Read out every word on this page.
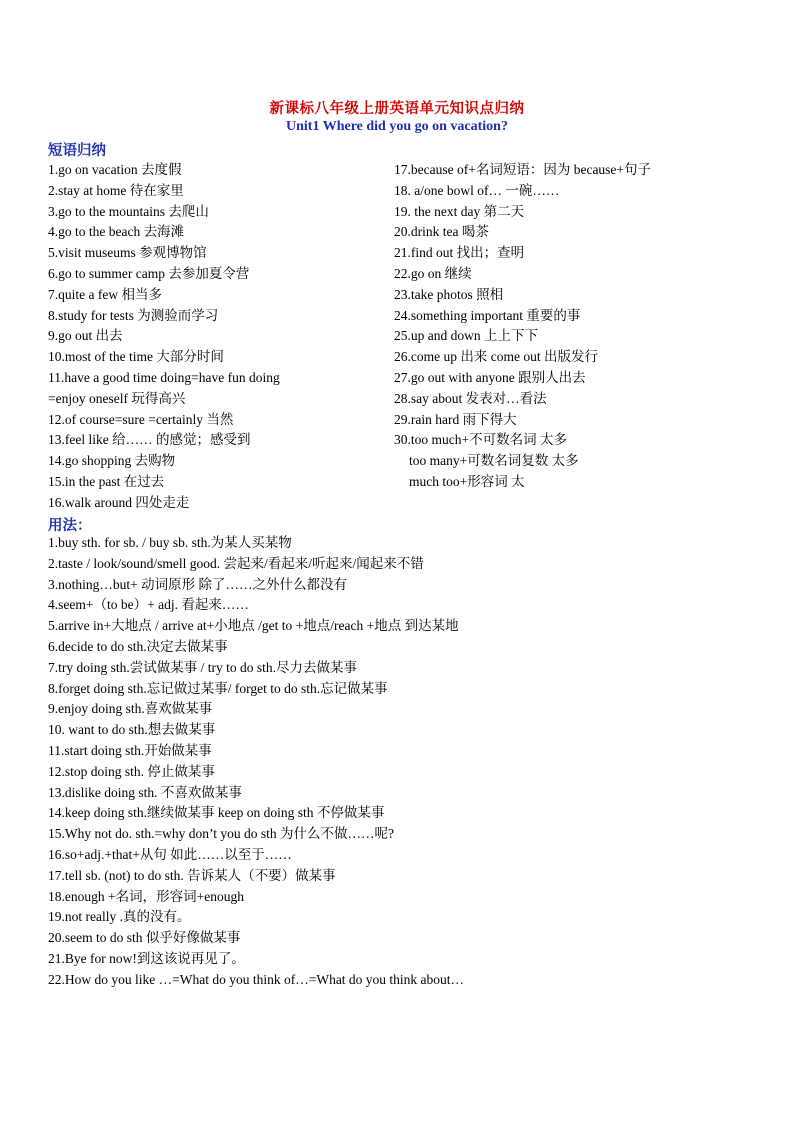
新课标八年级上册英语单元知识点归纳
Unit1 Where did you go on vacation?
短语归纳
1.go on vacation 去度假
2.stay at home 待在家里
3.go to the mountains 去爬山
4.go to the beach 去海滩
5.visit museums 参观博物馆
6.go to summer camp 去参加夏令营
7.quite a few 相当多
8.study for tests 为测验而学习
9.go out 出去
10.most of the time 大部分时间
11.have a good time doing=have fun doing
=enjoy oneself 玩得高兴
12.of course=sure =certainly 当然
13.feel like 给…… 的感觉；感受到
14.go shopping 去购物
15.in the past 在过去
16.walk around 四处走走
17.because of+名词短语：因为 because+句子
18. a/one bowl of… 一碗……
19. the next day 第二天
20.drink tea 喝茶
21.find out 找出；查明
22.go on 继续
23.take photos 照相
24.something important 重要的事
25.up and down 上上下下
26.come up 出来 come out 出版发行
27.go out with anyone 跟别人出去
28.say about 发表对…看法
29.rain hard 雨下得大
30.too much+不可数名词 太多
too many+可数名词复数 太多
much too+形容词 太
用法：
1.buy sth. for sb. / buy sb. sth.为某人买某物
2.taste / look/sound/smell good. 尝起来/看起来/听起来/闻起来不错
3.nothing…but+ 动词原形 除了……之外什么都没有
4.seem+（to be）+ adj. 看起来……
5.arrive in+大地点 / arrive at+小地点 /get to +地点/reach +地点 到达某地
6.decide to do sth.决定去做某事
7.try doing sth.尝试做某事 / try to do sth.尽力去做某事
8.forget doing sth.忘记做过某事/ forget to do sth.忘记做某事
9.enjoy doing sth.喜欢做某事
10. want to do sth.想去做某事
11.start doing sth.开始做某事
12.stop doing sth. 停止做某事
13.dislike doing sth. 不喜欢做某事
14.keep doing sth.继续做某事 keep on doing sth 不停做某事
15.Why not do. sth.=why don’t you do sth 为什么不做……呢?
16.so+adj.+that+从句 如此……以至于……
17.tell sb. (not) to do sth. 告诉某人（不要）做某事
18.enough +名词，形容词+enough
19.not really .真的没有。
20.seem to do sth 似乎好像做某事
21.Bye for now!到这该说再见了。
22.How do you like …=What do you think of…=What do you think about…
